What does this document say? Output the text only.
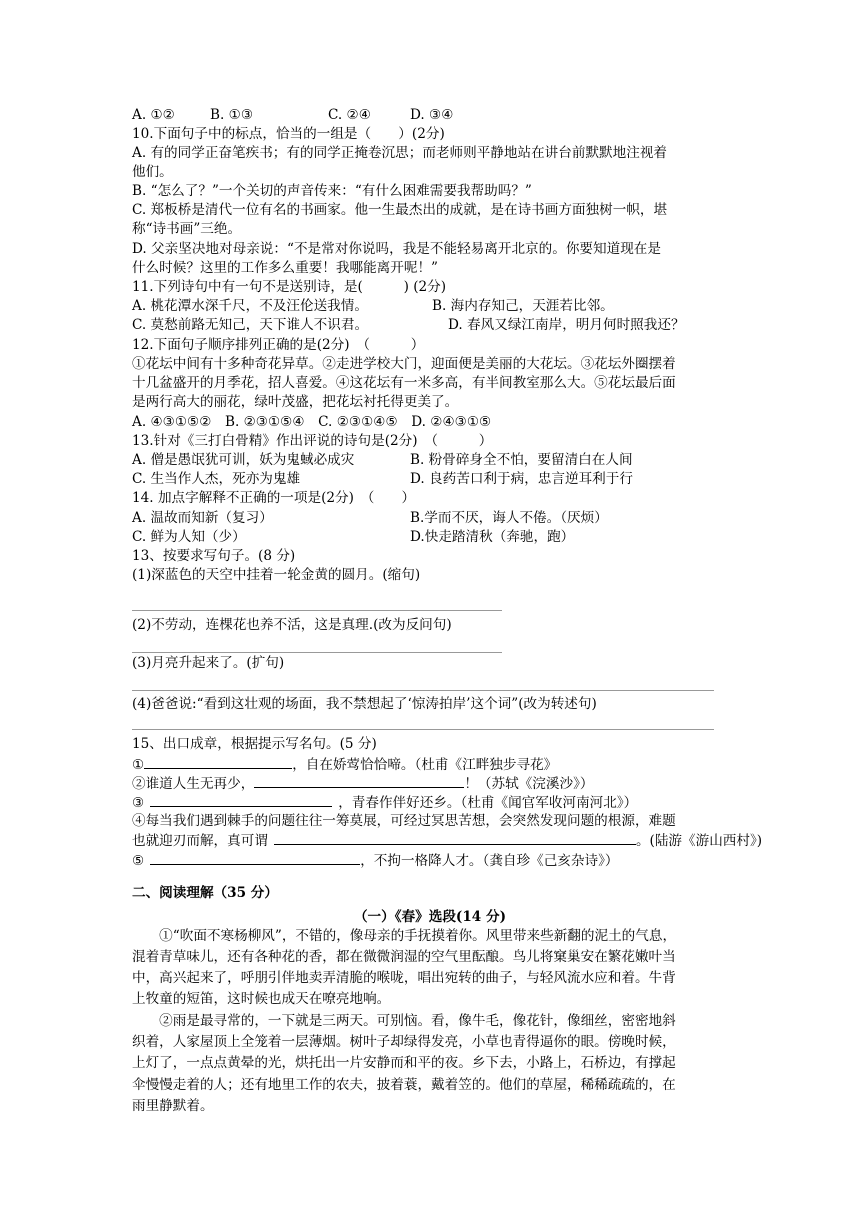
A. ①②	B. ①③	C. ②④	D. ③④
10.下面句子中的标点，恰当的一组是（　　）(2分)
A. 有的同学正奋笔疾书；有的同学正掩卷沉思；而老师则平静地站在讲台前默默地注视着
他们。
B. “怎么了？”一个关切的声音传来：“有什么困难需要我帮助吗？”
C. 郑板桥是清代一位有名的书画家。他一生最杰出的成就，是在诗书画方面独树一帜，堪
称“诗书画”三绝。
D. 父亲坚决地对母亲说：“不是常对你说吗，我是不能轻易离开北京的。你要知道现在是
什么时候？这里的工作多么重要！我哪能离开呢！”
11.下列诗句中有一句不是送别诗，是(　　　) (2分)
A. 桃花潭水深千尺，不及汪伦送我情。	B. 海内存知己，天涯若比邻。
C. 莫愁前路无知己，天下谁人不识君。	D. 春风又绿江南岸，明月何时照我还？
12.下面句子顺序排列正确的是(2分)　（　　　）
①花坛中间有十多种奇花异草。②走进学校大门，迎面便是美丽的大花坛。③花坛外圈摆着
十几盆盛开的月季花，招人喜爱。④这花坛有一米多高，有半间教室那么大。⑤花坛最后面
是两行高大的丽花，绿叶茂盛，把花坛衬托得更美了。
A. ④③①⑤②　B. ②③①⑤④　C. ②③①④⑤　D. ②④③①⑤
13.针对《三打白骨精》作出评说的诗句是(2分)　（　　　）
A. 僧是愚氓犹可训，妖为鬼蜮必成灾	B. 粉骨碎身全不怕，要留清白在人间
C. 生当作人杰，死亦为鬼雄	D. 良药苦口利于病，忠言逆耳利于行
14. 加点字解释不正确的一项是(2分)　（　　）
A. 温故而知新（复习）	B.学而不厌，诲人不倦。（厌烦）
C. 鲜为人知（少）	D.快走踏清秋（奔驰，跑）
13、按要求写句子。(8 分)
(1)深蓝色的天空中挂着一轮金黄的圆月。(缩句)
(2)不劳动，连棵花也养不活，这是真理.(改为反问句)
(3)月亮升起来了。(扩句)
(4)爸爸说:“看到这壮观的场面，我不禁想起了‘惊涛拍岸’这个词”(改为转述句)
15、出口成章，根据提示写名句。(5 分)
①	，自在娇莺恰恰啼。（杜甫《江畔独步寻花》
②谁道人生无再少，	！（苏轼《浣溪沙》）
③	，青春作伴好还乡。（杜甫《闻官军收河南河北》）
④每当我们遇到棘手的问题往往一筹莫展，可经过冥思苦想，会突然发现问题的根源，难题
也就迎刃而解，真可谓	。(陆游《游山西村》)
⑤	，不拘一格降人才。（龚自珍《己亥杂诗》）
二、阅读理解（35 分）
（一）《春》选段(14 分)
　　①“吹面不寒杨柳风”，不错的，像母亲的手抚摸着你。风里带来些新翻的泥土的气息，
混着青草味儿，还有各种花的香，都在微微润湿的空气里酝酿。鸟儿将窠巢安在繁花嫩叶当
中，高兴起来了，呼朋引伴地卖弄清脆的喉咙，唱出宛转的曲子，与轻风流水应和着。牛背
上牧童的短笛，这时候也成天在嘹亮地响。
　　②雨是最寻常的，一下就是三两天。可别恼。看，像牛毛，像花针，像细丝，密密地斜
织着，人家屋顶上全笼着一层薄烟。树叶子却绿得发亮，小草也青得逼你的眼。傍晚时候，
上灯了，一点点黄晕的光，烘托出一片安静而和平的夜。乡下去，小路上，石桥边，有撑起
伞慢慢走着的人；还有地里工作的农夫，披着蓑，戴着笠的。他们的草屋，稀稀疏疏的，在
雨里静默着。
